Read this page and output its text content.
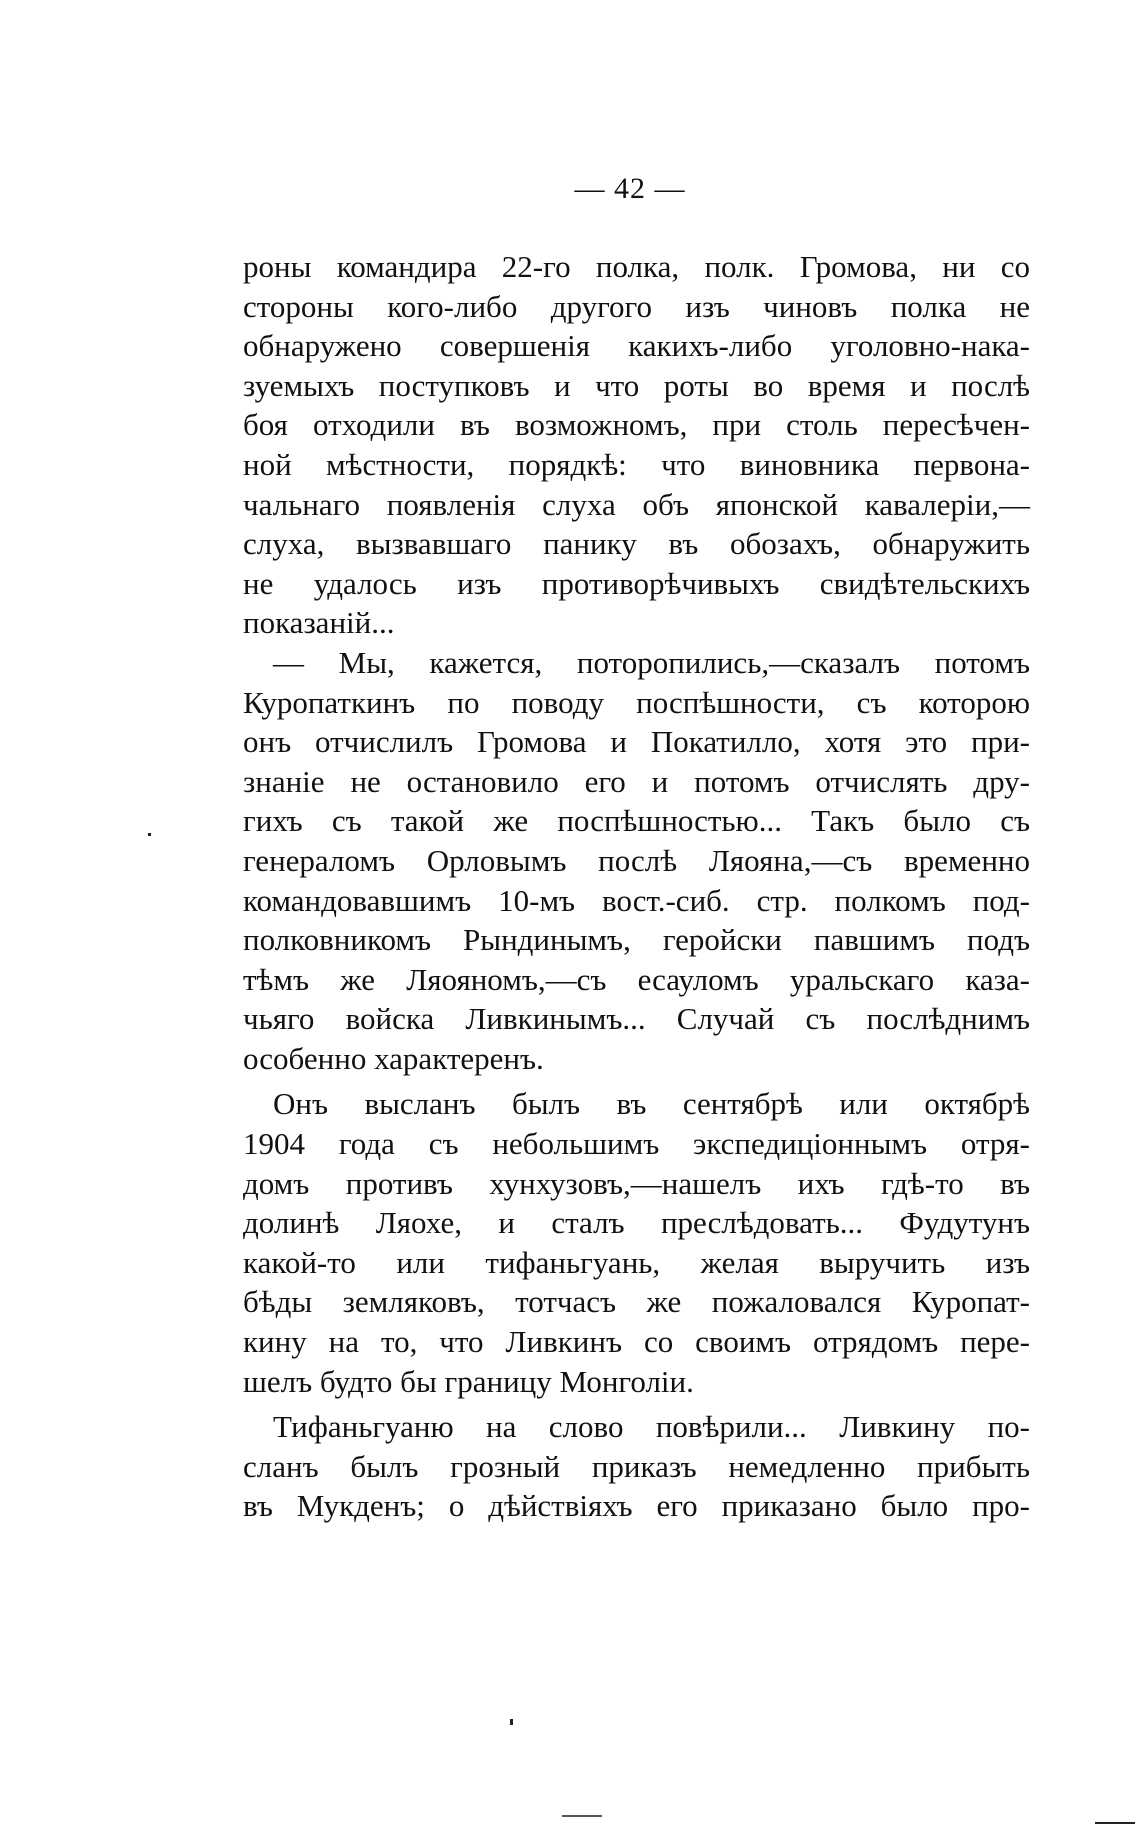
— 42 —
роны командира 22-го полка, полк. Громова, ни со
стороны кого-либо другого изъ чиновъ полка не
обнаружено совершенія какихъ-либо уголовно-нака-
зуемыхъ поступковъ и что роты во время и послѣ
боя отходили въ возможномъ, при столь пересѣчен-
ной мѣстности, порядкѣ: что виновника первона-
чальнаго появленія слуха объ японской кавалеріи,—
слуха, вызвавшаго панику въ обозахъ, обнаружить
не удалось изъ противорѣчивыхъ свидѣтельскихъ
показаній...
— Мы, кажется, поторопились,—сказалъ потомъ
Куропаткинъ по поводу поспѣшности, съ которою
онъ отчислилъ Громова и Покатилло, хотя это при-
знаніе не остановило его и потомъ отчислять дру-
гихъ съ такой же поспѣшностью... Такъ было съ
генераломъ Орловымъ послѣ Ляояна,—съ временно
командовавшимъ 10-мъ вост.-сиб. стр. полкомъ под-
полковникомъ Рындинымъ, геройски павшимъ подъ
тѣмъ же Ляояномъ,—съ есауломъ уральскаго каза-
чьяго войска Ливкинымъ... Случай съ послѣднимъ
особенно характеренъ.
Онъ высланъ былъ въ сентябрѣ или октябрѣ
1904 года съ небольшимъ экспедиціоннымъ отря-
домъ противъ хунхузовъ,—нашелъ ихъ гдѣ-то въ
долинѣ Ляохе, и сталъ преслѣдовать... Фудутунъ
какой-то или тифаньгуань, желая выручить изъ
бѣды земляковъ, тотчасъ же пожаловался Куропат-
кину на то, что Ливкинъ со своимъ отрядомъ пере-
шелъ будто бы границу Монголіи.
Тифаньгуаню на слово повѣрили... Ливкину по-
сланъ былъ грозный приказъ немедленно прибыть
въ Мукденъ; о дѣйствіяхъ его приказано было про-
